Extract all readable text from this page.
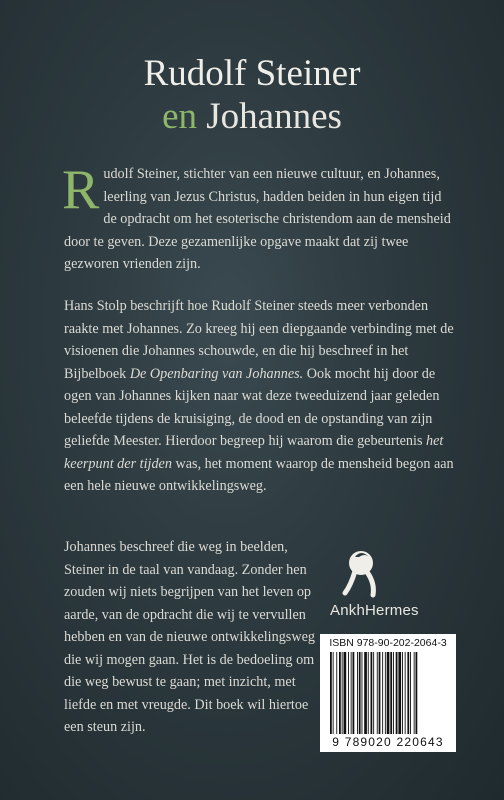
Rudolf Steiner
en Johannes
Rudolf Steiner, stichter van een nieuwe cultuur, en Johannes, leerling van Jezus Christus, hadden beiden in hun eigen tijd de opdracht om het esoterische christendom aan de mensheid door te geven. Deze gezamenlijke opgave maakt dat zij twee gezworen vrienden zijn.
Hans Stolp beschrijft hoe Rudolf Steiner steeds meer verbonden raakte met Johannes. Zo kreeg hij een diepgaande verbinding met de visioenen die Johannes schouwde, en die hij beschreef in het Bijbelboek De Openbaring van Johannes. Ook mocht hij door de ogen van Johannes kijken naar wat deze tweeduizend jaar geleden beleefde tijdens de kruisiging, de dood en de opstanding van zijn geliefde Meester. Hierdoor begreep hij waarom die gebeurtenis het keerpunt der tijden was, het moment waarop de mensheid begon aan een hele nieuwe ontwikkelingsweg.
Johannes beschreef die weg in beelden, Steiner in de taal van vandaag. Zonder hen zouden wij niets begrijpen van het leven op aarde, van de opdracht die wij te vervullen hebben en van de nieuwe ontwikkelingsweg die wij mogen gaan. Het is de bedoeling om die weg bewust te gaan; met inzicht, met liefde en met vreugde. Dit boek wil hiertoe een steun zijn.
AnkhHermes
ISBN 978-90-202-2064-3
9 789020 220643
